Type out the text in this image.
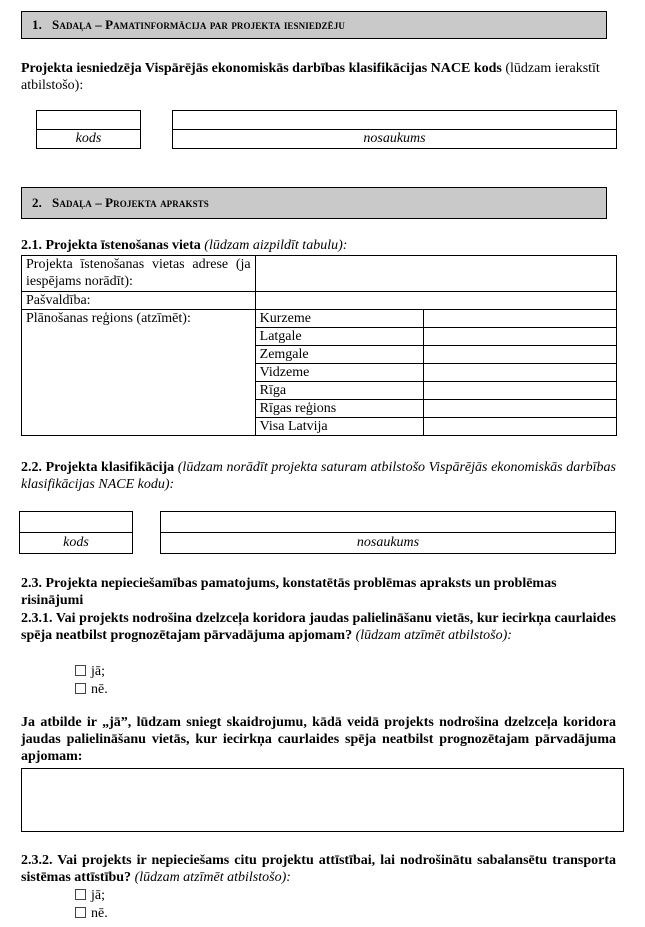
1. Sadaļa – Pamatinformācija par projekta iesniedzēju
Projekta iesniedzēja Vispārējās ekonomiskās darbības klasifikācijas NACE kods (lūdzam ierakstīt atbilstošo):
kods	nosaukums
2. Sadaļa – Projekta apraksts
2.1. Projekta īstenošanas vieta (lūdzam aizpildīt tabulu):
Projekta īstenošanas vietas adrese (ja iespējams norādīt):		
Pašvaldība:		
Plānošanas reģions (atzīmēt):	Kurzeme	
	Latgale	
	Zemgale	
	Vidzeme	
	Rīga	
	Rīgas reģions	
	Visa Latvija	
2.2. Projekta klasifikācija (lūdzam norādīt projekta saturam atbilstošo Vispārējās ekonomiskās darbības klasifikācijas NACE kodu):
kods	nosaukums
2.3. Projekta nepieciešamības pamatojums, konstatētās problēmas apraksts un problēmas risinājumi
2.3.1. Vai projekts nodrošina dzelzceļa koridora jaudas palielināšanu vietās, kur iecirkņa caurlaides spēja neatbilst prognozētajam pārvadājuma apjomam? (lūdzam atzīmēt atbilstošo):
jā;
nē.
Ja atbilde ir „jā”, lūdzam sniegt skaidrojumu, kādā veidā projekts nodrošina dzelzceļa koridora jaudas palielināšanu vietās, kur iecirkņa caurlaides spēja neatbilst prognozētajam pārvadājuma apjomam:
2.3.2. Vai projekts ir nepieciešams citu projektu attīstībai, lai nodrošinātu sabalansētu transporta sistēmas attīstību? (lūdzam atzīmēt atbilstošo):
jā;
nē.
